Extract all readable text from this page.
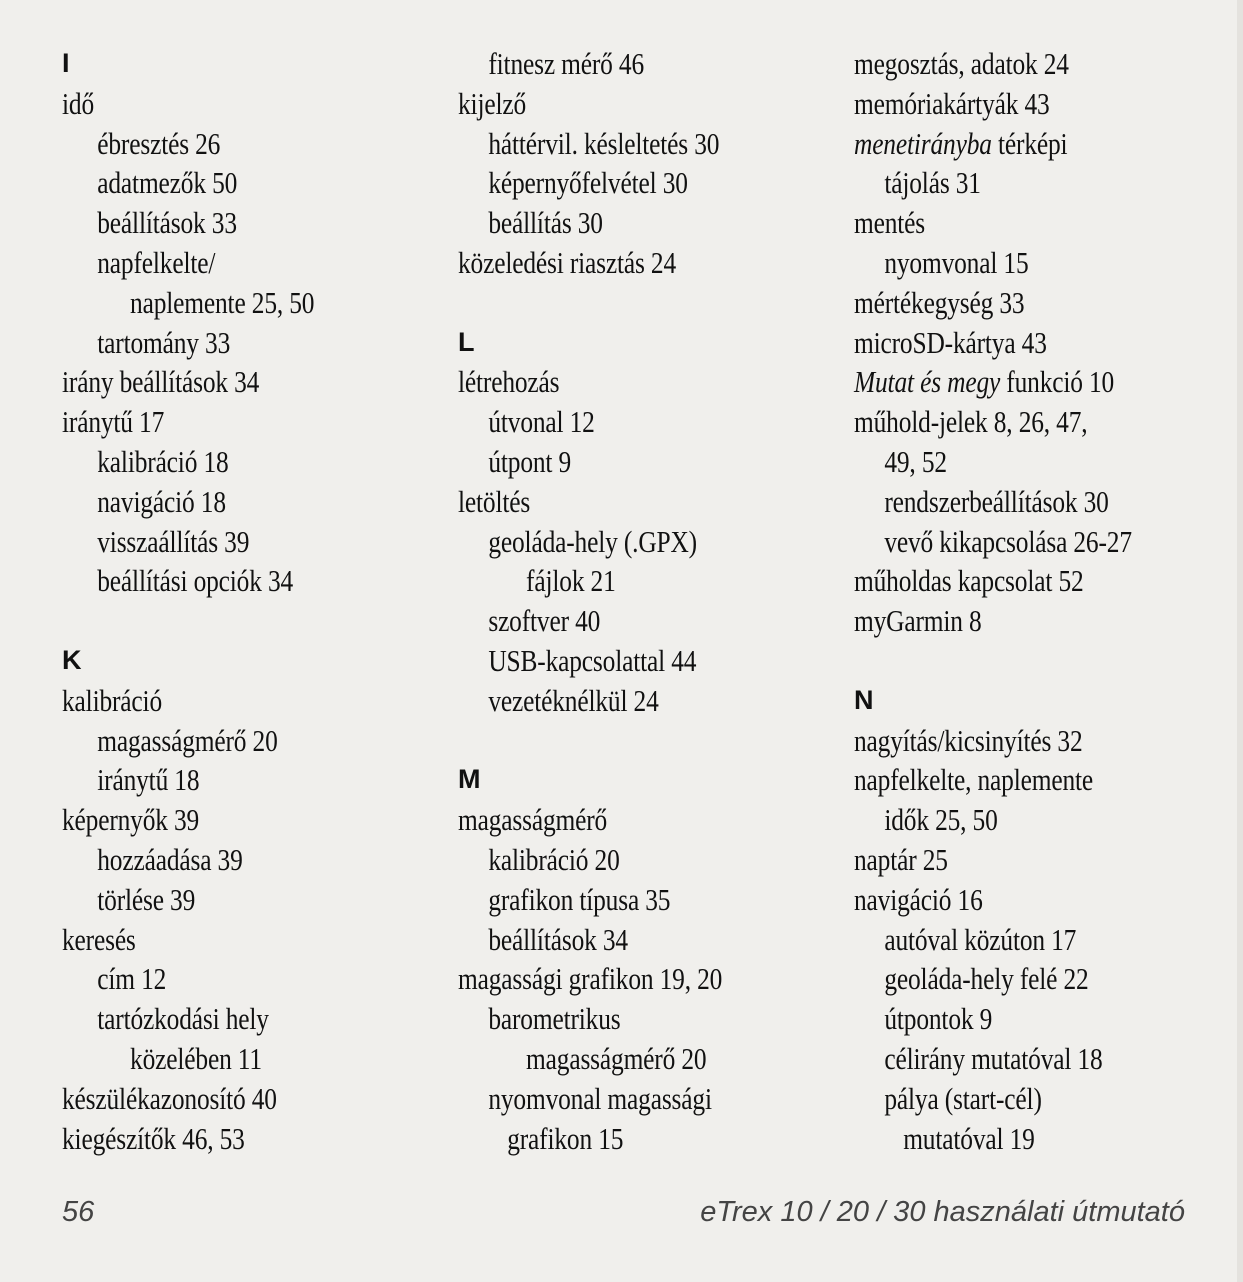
I
idő
ébresztés 26
adatmezők 50
beállítások 33
napfelkelte/
naplemente 25, 50
tartomány 33
irány beállítások 34
iránytű 17
kalibráció 18
navigáció 18
visszaállítás 39
beállítási opciók 34
K
kalibráció
magasságmérő 20
iránytű 18
képernyők 39
hozzáadása 39
törlése 39
keresés
cím 12
tartózkodási hely
közelében 11
készülékazonosító 40
kiegészítők 46, 53
fitnesz mérő 46
kijelző
háttérvil. késleltetés 30
képernyőfelvétel 30
beállítás 30
közeledési riasztás 24
L
létrehozás
útvonal 12
útpont 9
letöltés
geoláda-hely (.GPX)
fájlok 21
szoftver 40
USB-kapcsolattal 44
vezetéknélkül 24
M
magasságmérő
kalibráció 20
grafikon típusa 35
beállítások 34
magassági grafikon 19, 20
barometrikus
magasságmérő 20
nyomvonal magassági
grafikon 15
megosztás, adatok 24
memóriakártyák 43
menetirányba térképi
tájolás 31
mentés
nyomvonal 15
mértékegység 33
microSD-kártya 43
Mutat és megy funkció 10
műhold-jelek 8, 26, 47,
49, 52
rendszerbeállítások 30
vevő kikapcsolása 26-27
műholdas kapcsolat 52
myGarmin 8
N
nagyítás/kicsinyítés 32
napfelkelte, naplemente
idők 25, 50
naptár 25
navigáció 16
autóval közúton 17
geoláda-hely felé 22
útpontok 9
célirány mutatóval 18
pálya (start-cél)
mutatóval 19
56	eTrex 10 / 20 / 30 használati útmutató
